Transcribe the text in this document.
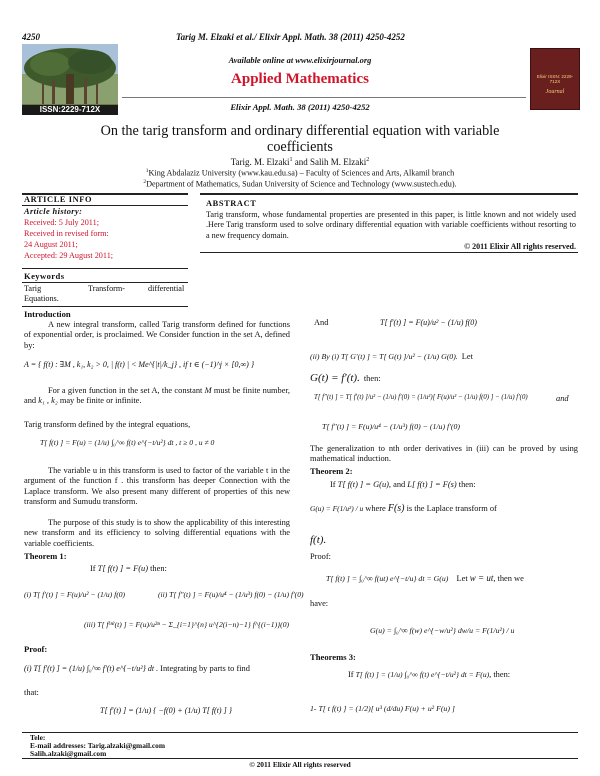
4250	Tarig M. Elzaki et al./ Elixir Appl. Math. 38 (2011) 4250-4252
ISSN:2229-712X
Available online at www.elixirjournal.org
Applied Mathematics
Elixir Appl. Math. 38 (2011) 4250-4252
Elixir ISSN: 2229-712X
Journal
On the tarig transform and ordinary differential equation with variable coefficients
Tarig. M. Elzaki$^1$ and Salih M. Elzaki$^2$
$^1$King Abdalaziz University (www.kau.edu.sa) – Faculty of Sciences and Arts, Alkamil branch
$^2$Department of Mathematics, Sudan University of Science and Technology (www.sustech.edu).
ARTICLE INFO
Article history:
Received: 5 July 2011;
Received in revised form:
24 August 2011;
Accepted: 29 August 2011;
Keywords
Tarig	Transform-	differential
Equations.
ABSTRACT
Tarig transform, whose fundamental properties are presented in this paper, is little known and not widely used .Here Tarig transform used to solve ordinary differential equation with variable coefficients without resorting to a new frequency domain.
© 2011 Elixir All rights reserved.
Introduction
A new integral transform, called Tarig transform defined for functions of exponential order, is proclaimed. We Consider function in the set A, defined by:
A = { f(t) : ∃M , k₁, k₂ > 0, | f(t) | < Me^{|t|/k_j} , if t ∈ (−1)^j × [0,∞) }
For a given function in the set A, the constant M must be finite number, and k₁ , k₂ may be finite or infinite.
Tarig transform defined by the integral equations,
T[ f(t) ] = F(u) = (1/u) ∫₀^∞ f(t) e^{−t/u²} dt , t ≥ 0 , u ≠ 0
The variable u in this transform is used to factor of the variable t in the argument of the function f . this transform has deeper Connection with the Laplace transform. We also present many different of properties of this new transform and Sumudu transform.
The purpose of this study is to show the applicability of this interesting new transform and its efficiency to solving differential equations with the variable coefficients.
Theorem 1:
If T[ f(t) ] = F(u) then:
(i) T[ f′(t) ] = F(u)/u² − (1/u) f(0)	(ii) T[ f″(t) ] = F(u)/u⁴ − (1/u³) f(0) − (1/u) f′(0)
(iii) T[ f⁽ⁿ⁾(t) ] = F(u)/u²ⁿ − Σ_{i=1}^{n} u^{2(i−n)−1} f^{(i−1)}(0)
Proof:
(i) T[ f′(t) ] = (1/u) ∫₀^∞ f′(t) e^{−t/u²} dt . Integrating by parts to find
that:
T[ f′(t) ] = (1/u) { −f(0) + (1/u) T[ f(t) ] }
And	T[ f′(t) ] = F(u)/u² − (1/u) f(0)
(ii) By (i) T[ G′(t) ] = T[ G(t) ]/u² − (1/u) G(0). Let
G(t) = f′(t). then:
T[ f″(t) ] = T[ f′(t) ]/u² − (1/u) f′(0) = (1/u²)[ F(u)/u² − (1/u) f(0) ] − (1/u) f′(0)	and
T[ f″(t) ] = F(u)/u⁴ − (1/u³) f(0) − (1/u) f′(0)
The generalization to nth order derivatives in (iii) can be proved by using mathematical induction.
Theorem 2:
If T[ f(t) ] = G(u), and L[ f(t) ] = F(s) then:
G(u) = F(1/u²) / u where F(s) is the Laplace transform of
f(t).
Proof:
T[ f(t) ] = ∫₀^∞ f(ut) e^{−t/u} dt = G(u) Let w = ut, then we
have:
G(u) = ∫₀^∞ f(w) e^{−w/u²} dw/u = F(1/u²) / u
Theorems 3:
If T[ f(t) ] = (1/u) ∫₀^∞ f(t) e^{−t/u²} dt = F(u), then:
1- T[ t f(t) ] = (1/2)[ u³ (d/du) F(u) + u² F(u) ]
Tele:
E-mail addresses: Tarig.alzaki@gmail.com
Salih.alzaki@gmail.com
© 2011 Elixir All rights reserved
